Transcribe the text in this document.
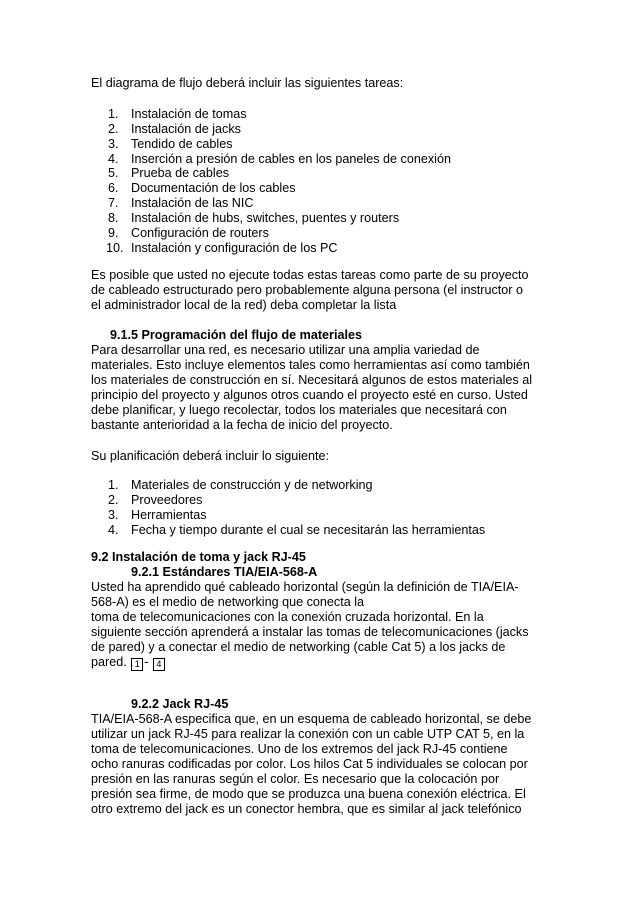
El diagrama de flujo deberá incluir las siguientes tareas:
1. Instalación de tomas
2. Instalación de jacks
3. Tendido de cables
4. Inserción a presión de cables en los paneles de conexión
5. Prueba de cables
6. Documentación de los cables
7. Instalación de las NIC
8. Instalación de hubs, switches, puentes y routers
9. Configuración de routers
10. Instalación y configuración de los PC
Es posible que usted no ejecute todas estas tareas como parte de su proyecto
de cableado estructurado pero probablemente alguna persona (el instructor o
el administrador local de la red) deba completar la lista
9.1.5 Programación del flujo de materiales
Para desarrollar una red, es necesario utilizar una amplia variedad de
materiales. Esto incluye elementos tales como herramientas así como también
los materiales de construcción en sí. Necesitará algunos de estos materiales al
principio del proyecto y algunos otros cuando el proyecto esté en curso. Usted
debe planificar, y luego recolectar, todos los materiales que necesitará con
bastante anterioridad a la fecha de inicio del proyecto.
Su planificación deberá incluir lo siguiente:
1. Materiales de construcción y de networking
2. Proveedores
3. Herramientas
4. Fecha y tiempo durante el cual se necesitarán las herramientas
9.2 Instalación de toma y jack RJ-45
9.2.1 Estándares TIA/EIA-568-A
Usted ha aprendido qué cableado horizontal (según la definición de TIA/EIA-
568-A) es el medio de networking que conecta la
toma de telecomunicaciones con la conexión cruzada horizontal. En la
siguiente sección aprenderá a instalar las tomas de telecomunicaciones (jacks
de pared) y a conectar el medio de networking (cable Cat 5) a los jacks de
pared. 1 - 4
9.2.2 Jack RJ-45
TIA/EIA-568-A especifica que, en un esquema de cableado horizontal, se debe
utilizar un jack RJ-45 para realizar la conexión con un cable UTP CAT 5, en la
toma de telecomunicaciones. Uno de los extremos del jack RJ-45 contiene
ocho ranuras codificadas por color. Los hilos Cat 5 individuales se colocan por
presión en las ranuras según el color. Es necesario que la colocación por
presión sea firme, de modo que se produzca una buena conexión eléctrica. El
otro extremo del jack es un conector hembra, que es similar al jack telefónico
